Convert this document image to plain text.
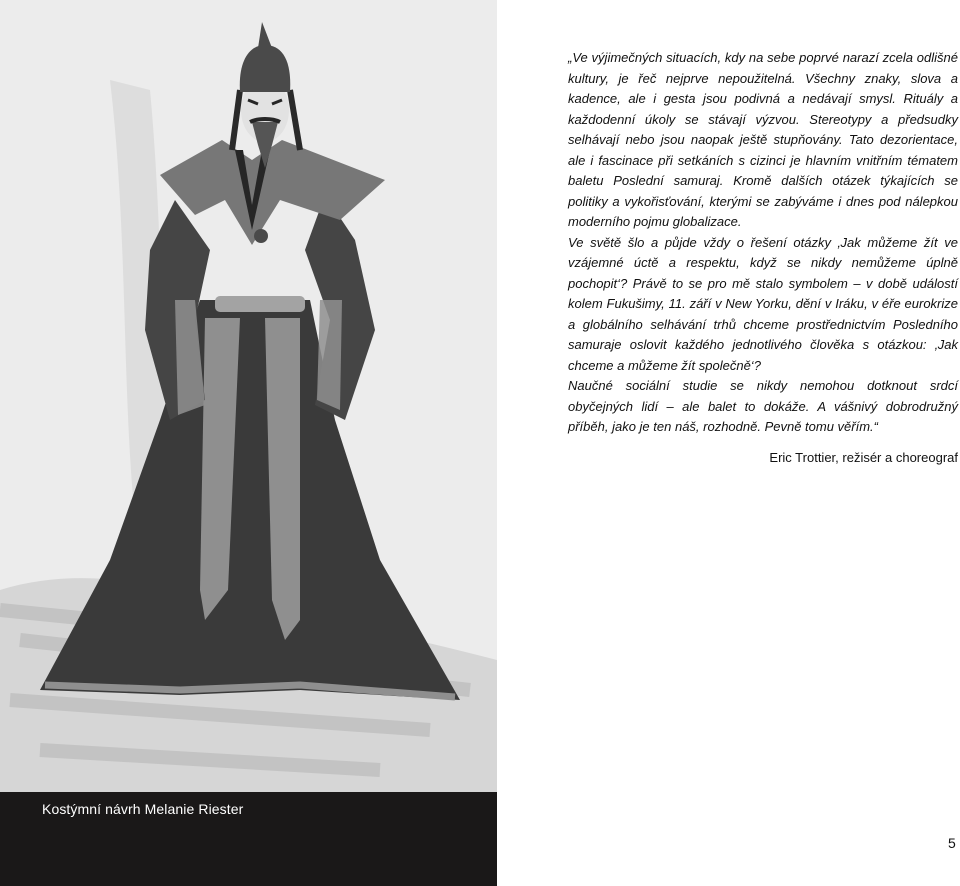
Kostýmní návrh Melanie Riester

„Ve výjimečných situacích, kdy na sebe poprvé narazí zcela odlišné kultury, je řeč nejprve nepoužitelná. Všechny znaky, slova a kadence, ale i gesta jsou podivná a nedávají smysl. Rituály a každodenní úkoly se stávají výzvou. Stereotypy a předsudky selhávají nebo jsou naopak ještě stupňovány. Tato dezorientace, ale i fascinace při setkáních s cizinci je hlavním vnitřním tématem baletu Poslední samuraj. Kromě dalších otázek týkajících se politiky a vykořisťování, kterými se zabýváme i dnes pod nálepkou moderního pojmu globalizace.

Ve světě šlo a půjde vždy o řešení otázky ‚Jak můžeme žít ve vzájemné úctě a respektu, když se nikdy nemůžeme úplně pochopit‘? Právě to se pro mě stalo symbolem – v době událostí kolem Fukušimy, 11. září v New Yorku, dění v Iráku, v éře eurokrize a globálního selhávání trhů chceme prostřednictvím Posledního samuraje oslovit každého jednotlivého člověka s otázkou: ‚Jak chceme a můžeme žít společně‘?

Naučné sociální studie se nikdy nemohou dotknout srdcí obyčejných lidí – ale balet to dokáže. A vášnivý dobrodružný příběh, jako je ten náš, rozhodně. Pevně tomu věřím.“

Eric Trottier, režisér a choreograf
5
